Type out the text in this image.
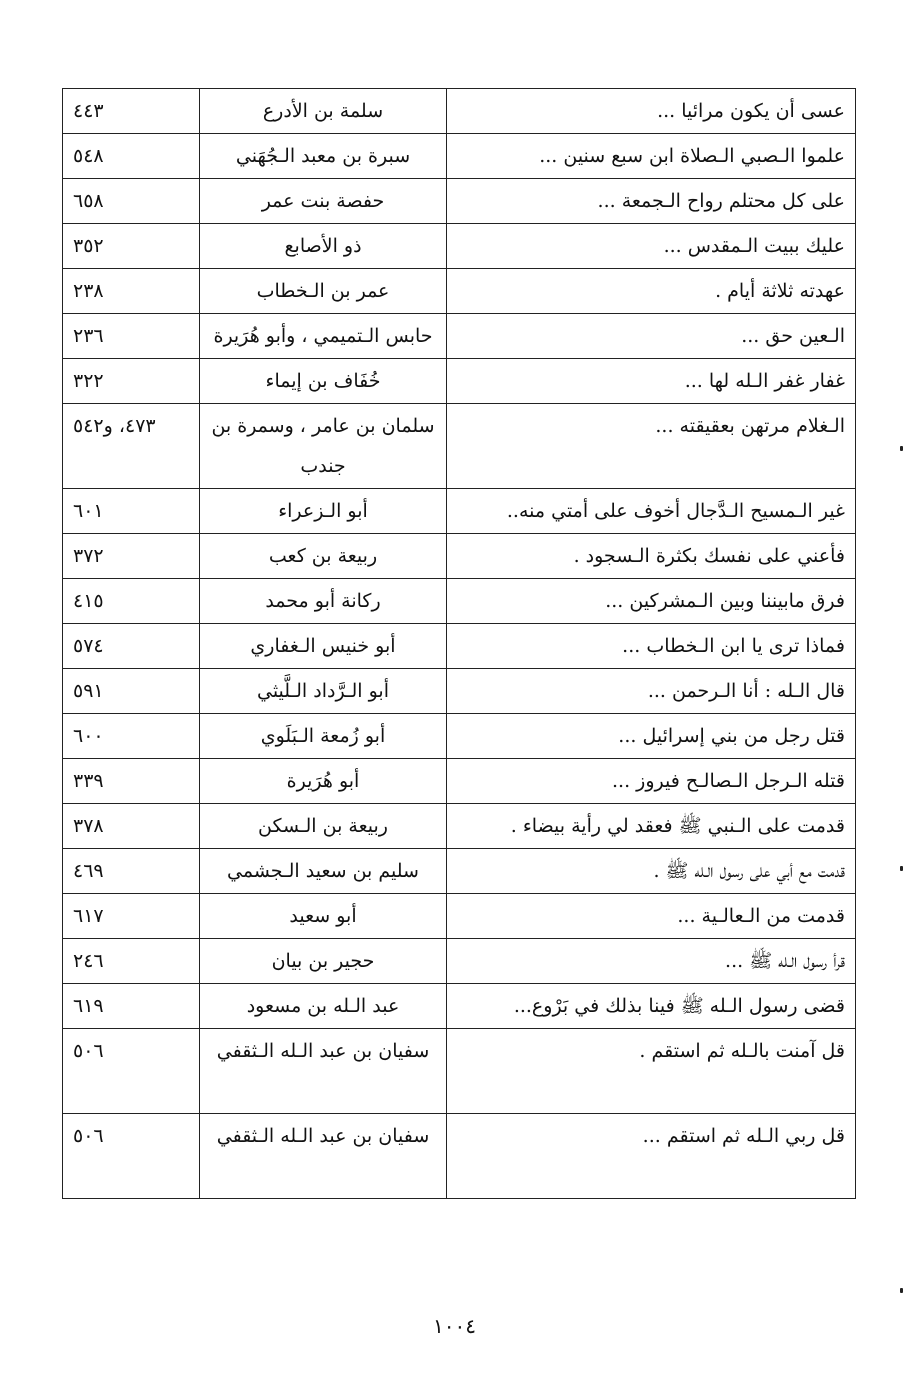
عسى أن يكون مرائيا ...	سلمة بن الأدرع	٤٤٣
علموا الـصبي الـصلاة ابن سبع سنين ...	سبرة بن معبد الـجُهَني	٥٤٨
على كل محتلم رواح الـجمعة ...	حفصة بنت عمر	٦٥٨
عليك ببيت الـمقدس ...	ذو الأصابع	٣٥٢
عهدته ثلاثة أيام .	عمر بن الـخطاب	٢٣٨
الـعين حق ...	حابس الـتميمي ، وأبو هُرَيرة	٢٣٦
غفار غفر الـله لها ...	خُفَاف بن إيماء	٣٢٢
الـغلام مرتهن بعقيقته ...	سلمان بن عامر ، وسمرة بن جندب	٤٧٣، و٥٤٢
غير الـمسيح الـدَّجال أخوف على أمتي منه..	أبو الـزعراء	٦٠١
فأعني على نفسك بكثرة الـسجود .	ربيعة بن كعب	٣٧٢
فرق مابيننا وبين الـمشركين ...	ركانة أبو محمد	٤١٥
فماذا ترى يا ابن الـخطاب ...	أبو خنيس الـغفاري	٥٧٤
قال الـله : أنا الـرحمن ...	أبو الـرَّداد الـلَّيثي	٥٩١
قتل رجل من بني إسرائيل ...	أبو زُمعة الـبَلَوي	٦٠٠
قتله الـرجل الـصالـح فيروز ...	أبو هُرَيرة	٣٣٩
قدمت على الـنبي ﷺ فعقد لي رأية بيضاء .	ربيعة بن الـسكن	٣٧٨
قدمت مع أبي على رسول الـله ﷺ .	سليم بن سعيد الـجشمي	٤٦٩
قدمت من الـعالـية ...	أبو سعيد	٦١٧
قرأ رسول الـله ﷺ ...	حجير بن بيان	٢٤٦
قضى رسول الـله ﷺ فينا بذلك في بَرْوع...	عبد الـله بن مسعود	٦١٩
قل آمنت بالـله ثم استقم .	سفيان بن عبد الـله الـثقفي	٥٠٦
قل ربي الـله ثم استقم ...	سفيان بن عبد الـله الـثقفي	٥٠٦
١٠٠٤
